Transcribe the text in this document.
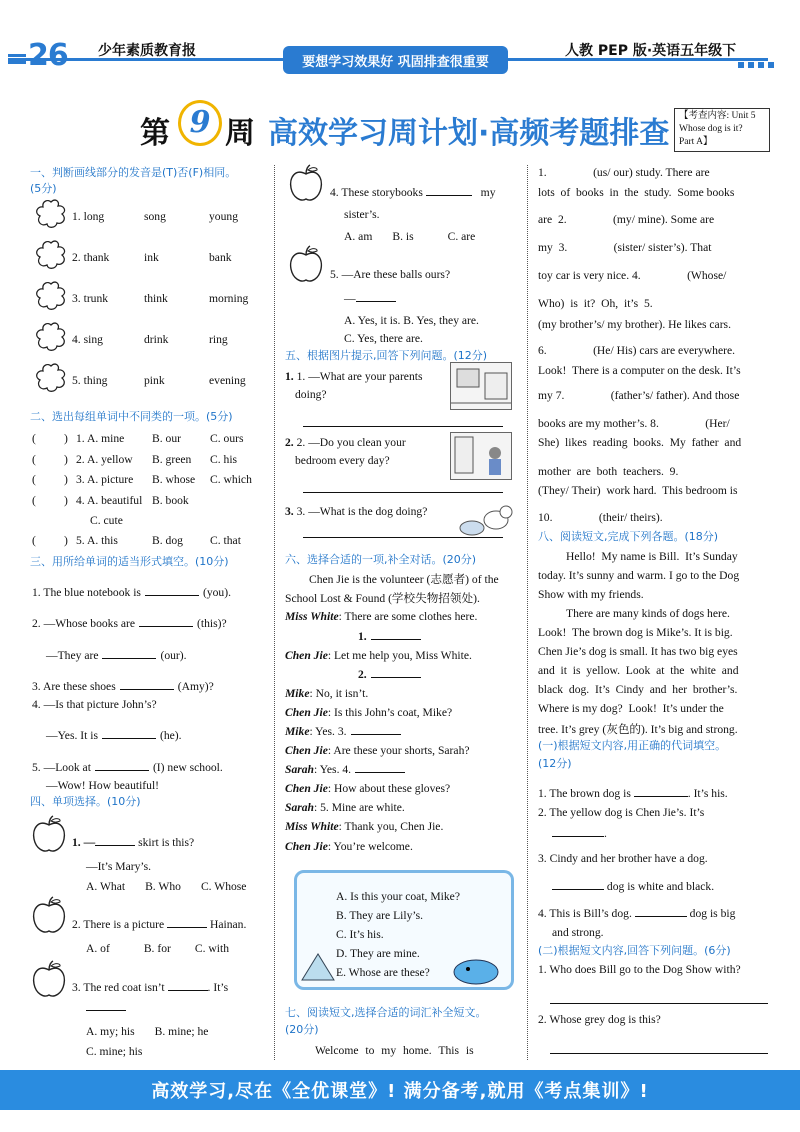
26 少年素质教育报
要想学习效果好 巩固排查很重要
人教 PEP 版·英语五年级下
第 9 周 高效学习周计划·高频考题排查 【考查内容: Unit 5
Whose dog is it?
Part A】
一、判断画线部分的发音是(T)否(F)相同。
(5分)
二、选出每组单词中不同类的一项。(5分)
三、用所给单词的适当形式填空。(10分)
四、单项选择。(10分)
1. —	skirt is this?
—It’s Mary’s.
A. What B. Who C. Whose
2. There is a picture	Hainan.
A. of	B. for C. with
3. The red coat isn’t	. It’s
A. my; his B. mine; he
C. mine; his
4. These storybooks	my
sister’s.
A. am B. is	C. are
5. —Are these balls ours?
—
A. Yes, it is. B. Yes, they are.
C. Yes, there are.
五、根据图片提示,回答下列问题。(12分)
1. 1. —What are your parents
doing?
2. 2. —Do you clean your
bedroom every day?
3. 3. —What is the dog doing?
六、选择合适的一项,补全对话。(20分)
Chen Jie is the volunteer (志愿者) of the
School Lost & Found (学校失物招领处).
A. Is this your coat, Mike?
B. They are Lily’s.
C. It’s his.
D. They are mine.
E. Whose are these?
七、阅读短文,选择合适的词汇补全短文。
(20分)
Welcome to my home. This is
八、阅读短文,完成下列各题。(18分)
(一)根据短文内容,用正确的代词填空。
(12分)
1. The brown dog is	. It’s his.
2. The yellow dog is Chen Jie’s. It’s
.
3. Cindy and her brother have a dog.
dog is white and black.
4. This is Bill’s dog.	dog is big
and strong.
(二)根据短文内容,回答下列问题。(6分)
1. Who does Bill go to the Dog Show with?
2. Whose grey dog is this?
高效学习,尽在《全优课堂》! 满分备考,就用《考点集训》!
1. long	song	young
2. thank	ink	bank
3. trunk	think	morning
4. sing	drink	ring
5. thing	pink	evening
( ) 1. A. mine B. our	C. ours
( ) 2. A. yellow B. green C. his
( ) 3. A. picture B. whose C. which
( ) 4. A. beautiful B. book
C. cute
( ) 5. A. this	B. dog C. that
1. The blue notebook is	(you).
2. —Whose books are	(this)?
—They are	(our).
3. Are these shoes	(Amy)?
4. —Is that picture John’s?
—Yes. It is	(he).
5. —Look at	(I) new school.
—Wow! How beautiful!
Miss White: There are some clothes here.
1.
Chen Jie: Let me help you, Miss White.
2.
Mike: No, it isn’t.
Chen Jie: Is this John’s coat, Mike?
Mike: Yes. 3.
Chen Jie: Are these your shorts, Sarah?
Sarah: Yes. 4.
Chen Jie: How about these gloves?
Sarah: 5. Mine are white.
Miss White: Thank you, Chen Jie.
Chen Jie: You’re welcome.
1.                (us/ our) study. There are
lots  of  books  in  the  study.  Some books
are  2.                (my/ mine). Some are
my  3.                (sister/ sister’s). That
toy car is very nice. 4.                (Whose/
Who)  is  it?  Oh,  it’s  5.
(my brother’s/ my brother). He likes cars.
6.                (He/ His) cars are everywhere.
Look!  There is a computer on the desk. It’s
my 7.                (father’s/ father). And those
books are my mother’s. 8.                (Her/
She)  likes  reading  books.  My  father  and
mother  are  both  teachers.  9.
(They/ Their)  work hard.  This bedroom is
10.                (their/ theirs).
Hello!  My name is Bill.  It’s Sunday
today. It’s sunny and warm. I go to the Dog
Show with my friends.
There are many kinds of dogs here.
Look!  The brown dog is Mike’s. It is big.
Chen Jie’s dog is small. It has two big eyes
and  it  is  yellow.  Look  at  the  white  and
black  dog.  It’s  Cindy  and  her  brother’s.
Where is my dog?  Look!  It’s under the
tree. It’s grey (灰色的). It’s big and strong.
